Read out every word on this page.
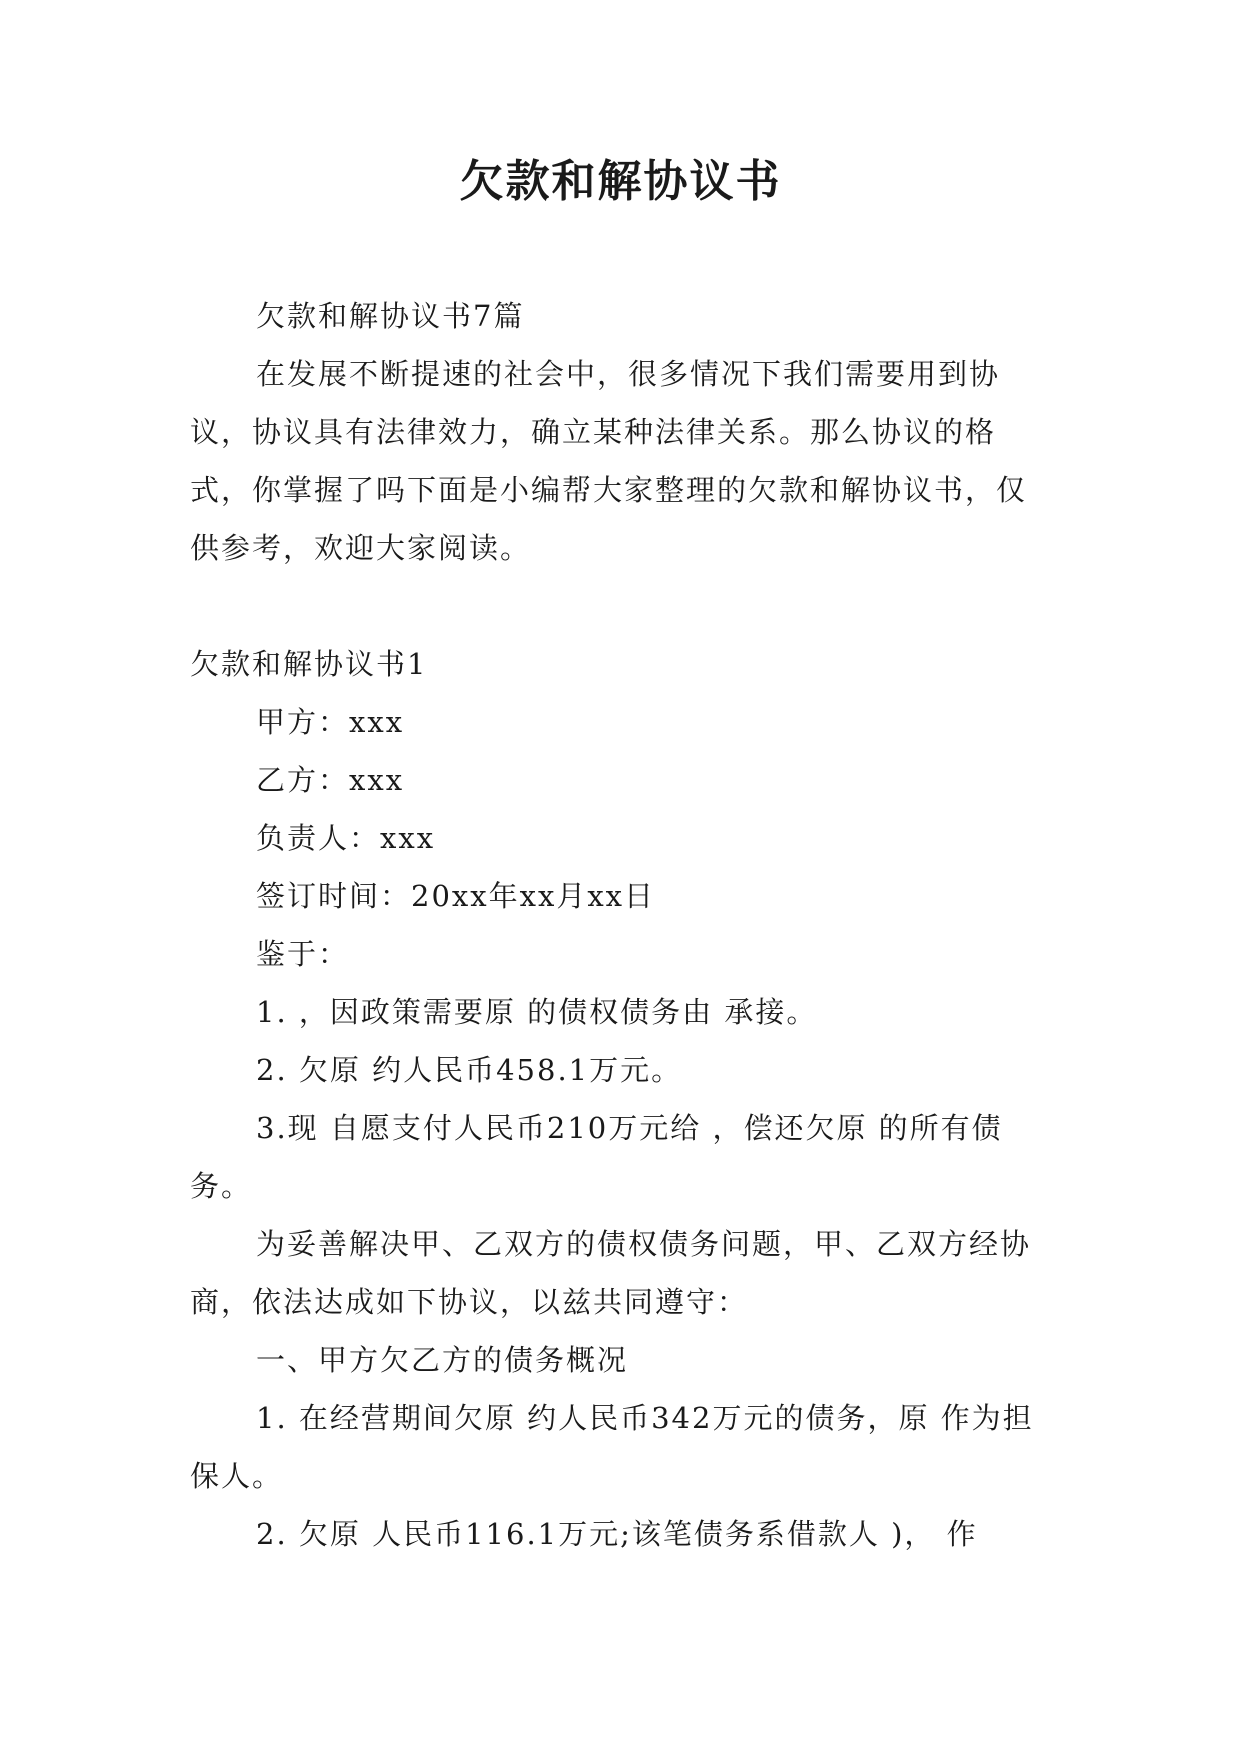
欠款和解协议书

欠款和解协议书7篇

在发展不断提速的社会中，很多情况下我们需要用到协议，协议具有法律效力，确立某种法律关系。那么协议的格式，你掌握了吗下面是小编帮大家整理的欠款和解协议书，仅供参考，欢迎大家阅读。

欠款和解协议书1

甲方：xxx

乙方：xxx

负责人：xxx

签订时间：20xx年xx月xx日

鉴于：

1. ，因政策需要原 的债权债务由 承接。

2. 欠原 约人民币458.1万元。

3.现 自愿支付人民币210万元给 ，偿还欠原 的所有债务。

为妥善解决甲、乙双方的债权债务问题，甲、乙双方经协商，依法达成如下协议，以兹共同遵守：

一、甲方欠乙方的债务概况

1. 在经营期间欠原 约人民币342万元的债务，原 作为担保人。

2. 欠原 人民币116.1万元;该笔债务系借款人 )， 作
